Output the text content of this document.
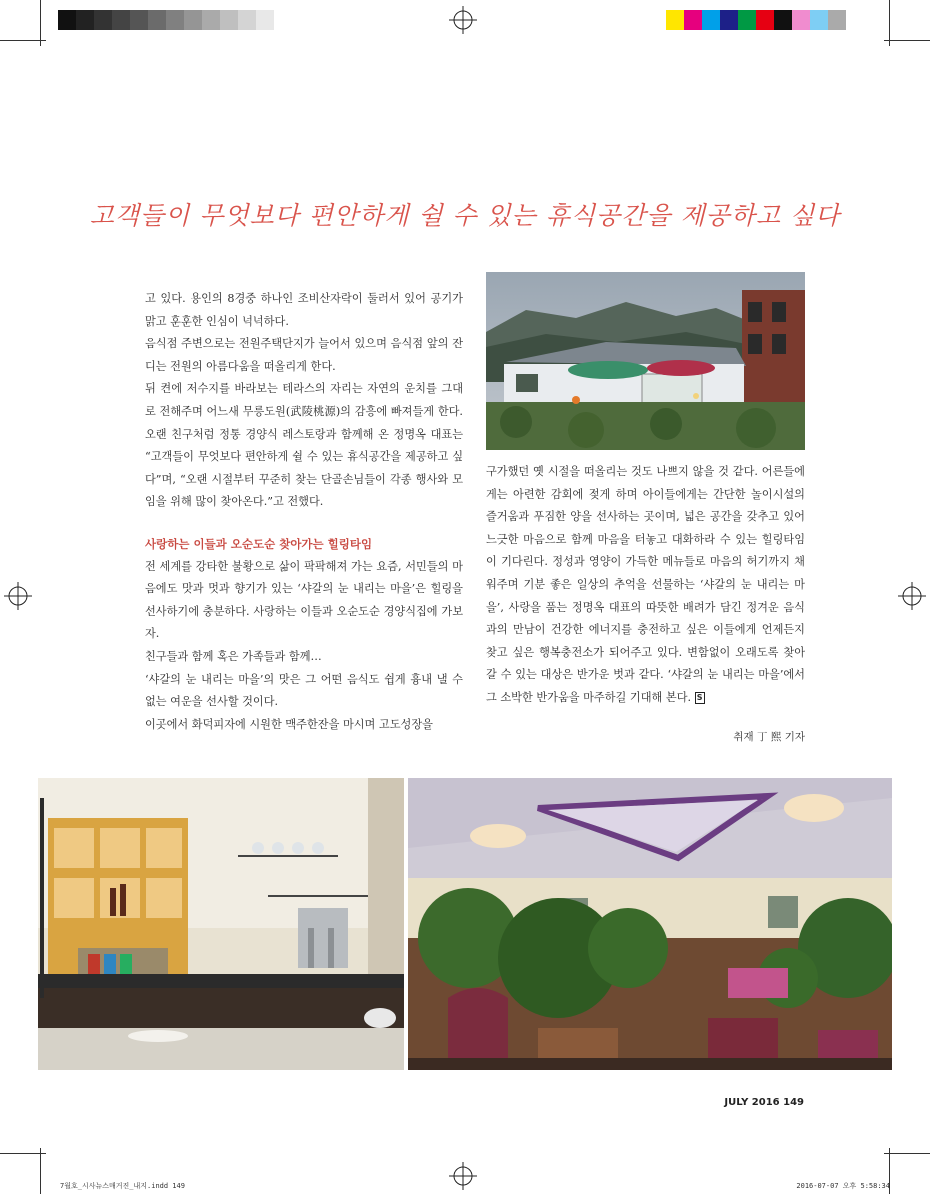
고객들이 무엇보다 편안하게 쉴 수 있는 휴식공간을 제공하고 싶다

고 있다. 용인의 8경중 하나인 조비산자락이 둘러서 있어 공기가 맑고 훈훈한 인심이 넉넉하다.

음식점 주변으로는 전원주택단지가 늘어서 있으며 음식점 앞의 잔디는 전원의 아름다움을 떠올리게 한다.

뒤 켠에 저수지를 바라보는 테라스의 자리는 자연의 운치를 그대로 전해주며 어느새 무릉도원(武陵桃源)의 감흥에 빠져들게 한다. 오랜 친구처럼 정통 경양식 레스토랑과 함께해 온 정명옥 대표는 “고객들이 무엇보다 편안하게 쉴 수 있는 휴식공간을 제공하고 싶다”며, “오랜 시절부터 꾸준히 찾는 단골손님들이 각종 행사와 모임을 위해 많이 찾아온다.”고 전했다.

사랑하는 이들과 오순도순 찾아가는 힐링타임

전 세계를 강타한 불황으로 삶이 팍팍해져 가는 요즘, 서민들의 마음에도 맛과 멋과 향기가 있는 ‘샤갈의 눈 내리는 마을’은 힐링을 선사하기에 충분하다. 사랑하는 이들과 오순도순 경양식집에 가보자.

친구들과 함께 혹은 가족들과 함께…

‘샤갈의 눈 내리는 마을’의 맛은 그 어떤 음식도 쉽게 흉내 낼 수 없는 여운을 선사할 것이다.

이곳에서 화덕피자에 시원한 맥주한잔을 마시며 고도성장을

구가했던 옛 시절을 떠올리는 것도 나쁘지 않을 것 같다. 어른들에게는 아련한 감회에 젖게 하며 아이들에게는 간단한 놀이시설의 즐거움과 푸짐한 양을 선사하는 곳이며, 넓은 공간을 갖추고 있어 느긋한 마음으로 함께 마음을 터놓고 대화하라 수 있는 힐링타임이 기다린다. 정성과 영양이 가득한 메뉴들로 마음의 허기까지 채워주며 기분 좋은 일상의 추억을 선물하는 ‘샤갈의 눈 내리는 마을’, 사랑을 품는 정명옥 대표의 따뜻한 배려가 담긴 정겨운 음식과의 만남이 건강한 에너지를 충전하고 싶은 이들에게 언제든지 찾고 싶은 행복충전소가 되어주고 있다. 변함없이 오래도록 찾아갈 수 있는 대상은 반가운 벗과 같다. ‘샤갈의 눈 내리는 마을’에서 그 소박한 반가움을 마주하길 기대해 본다. S

취재 丁 熙 기자
JULY 2016 149
7월호_시사뉴스매거진_내지.indd 149	2016-07-07 오후 5:58:34
